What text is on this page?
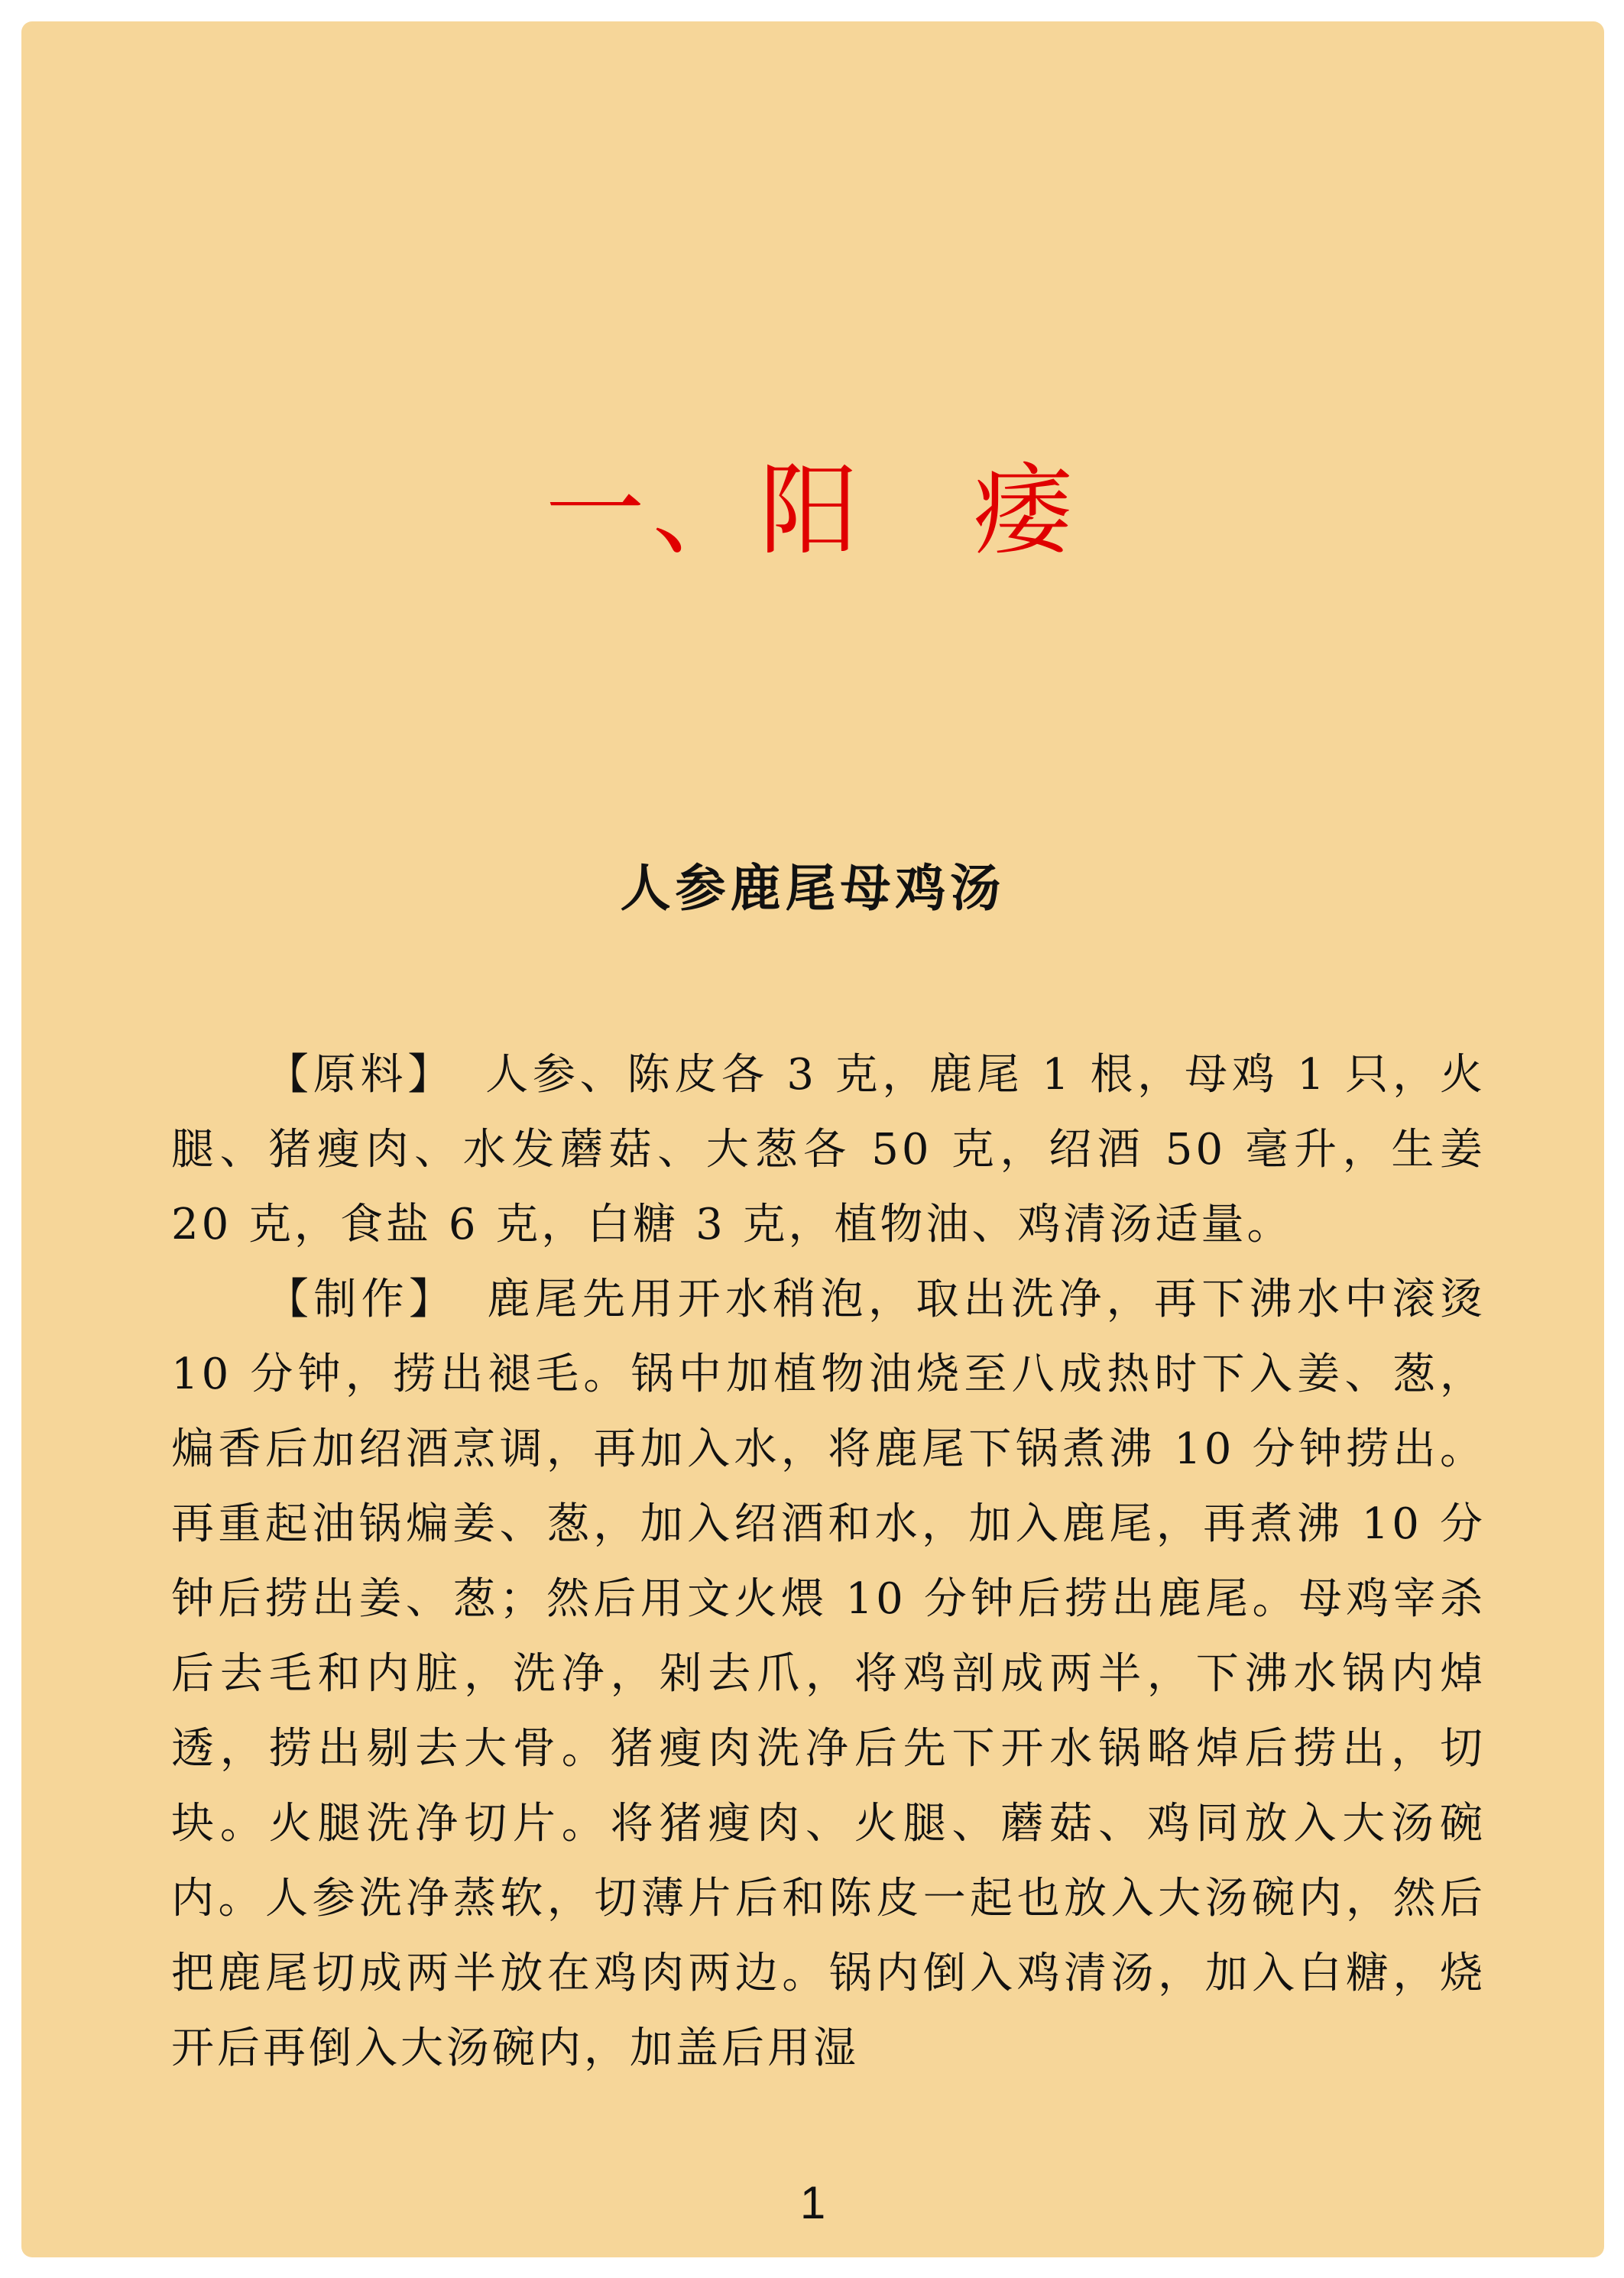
一、阳　痿
人参鹿尾母鸡汤

【原料】 人参、陈皮各 3 克，鹿尾 1 根，母鸡 1 只，火腿、猪瘦肉、水发蘑菇、大葱各 50 克，绍酒 50 毫升，生姜 20 克，食盐 6 克，白糖 3 克，植物油、鸡清汤适量。

【制作】 鹿尾先用开水稍泡，取出洗净，再下沸水中滚烫 10 分钟，捞出褪毛。锅中加植物油烧至八成热时下入姜、葱，煸香后加绍酒烹调，再加入水，将鹿尾下锅煮沸 10 分钟捞出。再重起油锅煸姜、葱，加入绍酒和水，加入鹿尾，再煮沸 10 分钟后捞出姜、葱；然后用文火煨 10 分钟后捞出鹿尾。母鸡宰杀后去毛和内脏，洗净，剁去爪，将鸡剖成两半，下沸水锅内焯透，捞出剔去大骨。猪瘦肉洗净后先下开水锅略焯后捞出，切块。火腿洗净切片。将猪瘦肉、火腿、蘑菇、鸡同放入大汤碗内。人参洗净蒸软，切薄片后和陈皮一起也放入大汤碗内，然后把鹿尾切成两半放在鸡肉两边。锅内倒入鸡清汤，加入白糖，烧开后再倒入大汤碗内，加盖后用湿

1
